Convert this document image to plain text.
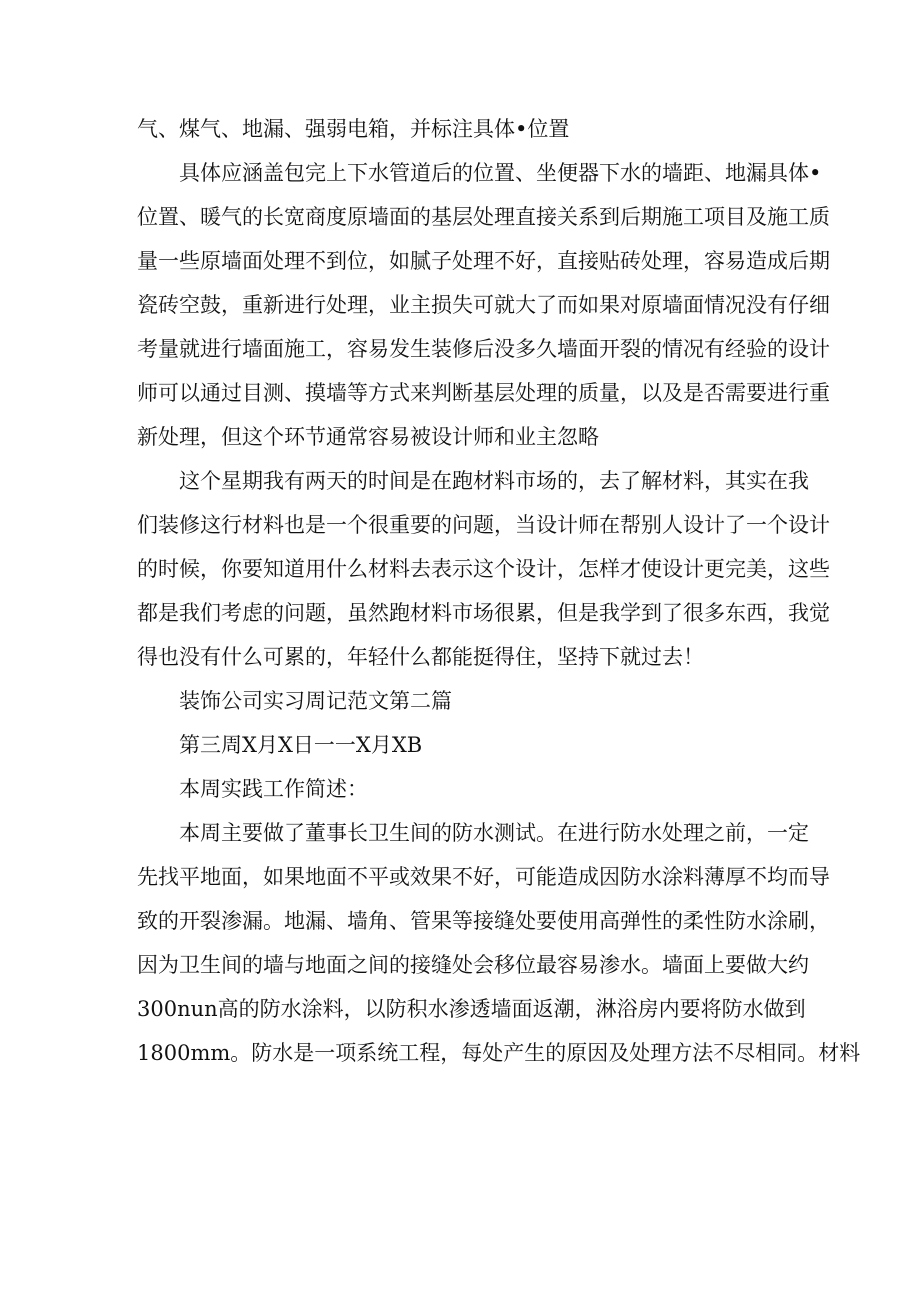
气、煤气、地漏、强弱电箱，并标注具体•位置
具体应涵盖包完上下水管道后的位置、坐便器下水的墙距、地漏具体•
位置、暖气的长宽商度原墙面的基层处理直接关系到后期施工项目及施工质
量一些原墙面处理不到位，如腻子处理不好，直接贴砖处理，容易造成后期
瓷砖空鼓，重新进行处理，业主损失可就大了而如果对原墙面情况没有仔细
考量就进行墙面施工，容易发生装修后没多久墙面开裂的情况有经验的设计
师可以通过目测、摸墙等方式来判断基层处理的质量，以及是否需要进行重
新处理，但这个环节通常容易被设计师和业主忽略
这个星期我有两天的时间是在跑材料市场的，去了解材料，其实在我
们装修这行材料也是一个很重要的问题，当设计师在帮别人设计了一个设计
的时候，你要知道用什么材料去表示这个设计，怎样才使设计更完美，这些
都是我们考虑的问题，虽然跑材料市场很累，但是我学到了很多东西，我觉
得也没有什么可累的，年轻什么都能挺得住，坚持下就过去！
装饰公司实习周记范文第二篇
第三周X月X日一一X月XB
本周实践工作简述：
本周主要做了董事长卫生间的防水测试。在进行防水处理之前，一定
先找平地面，如果地面不平或效果不好，可能造成因防水涂料薄厚不均而导
致的开裂渗漏。地漏、墙角、管果等接缝处要使用高弹性的柔性防水涂刷，
因为卫生间的墙与地面之间的接缝处会移位最容易渗水。墙面上要做大约
300nun高的防水涂料，以防积水渗透墙面返潮，淋浴房内要将防水做到
1800mm。防水是一项系统工程，每处产生的原因及处理方法不尽相同。材料
